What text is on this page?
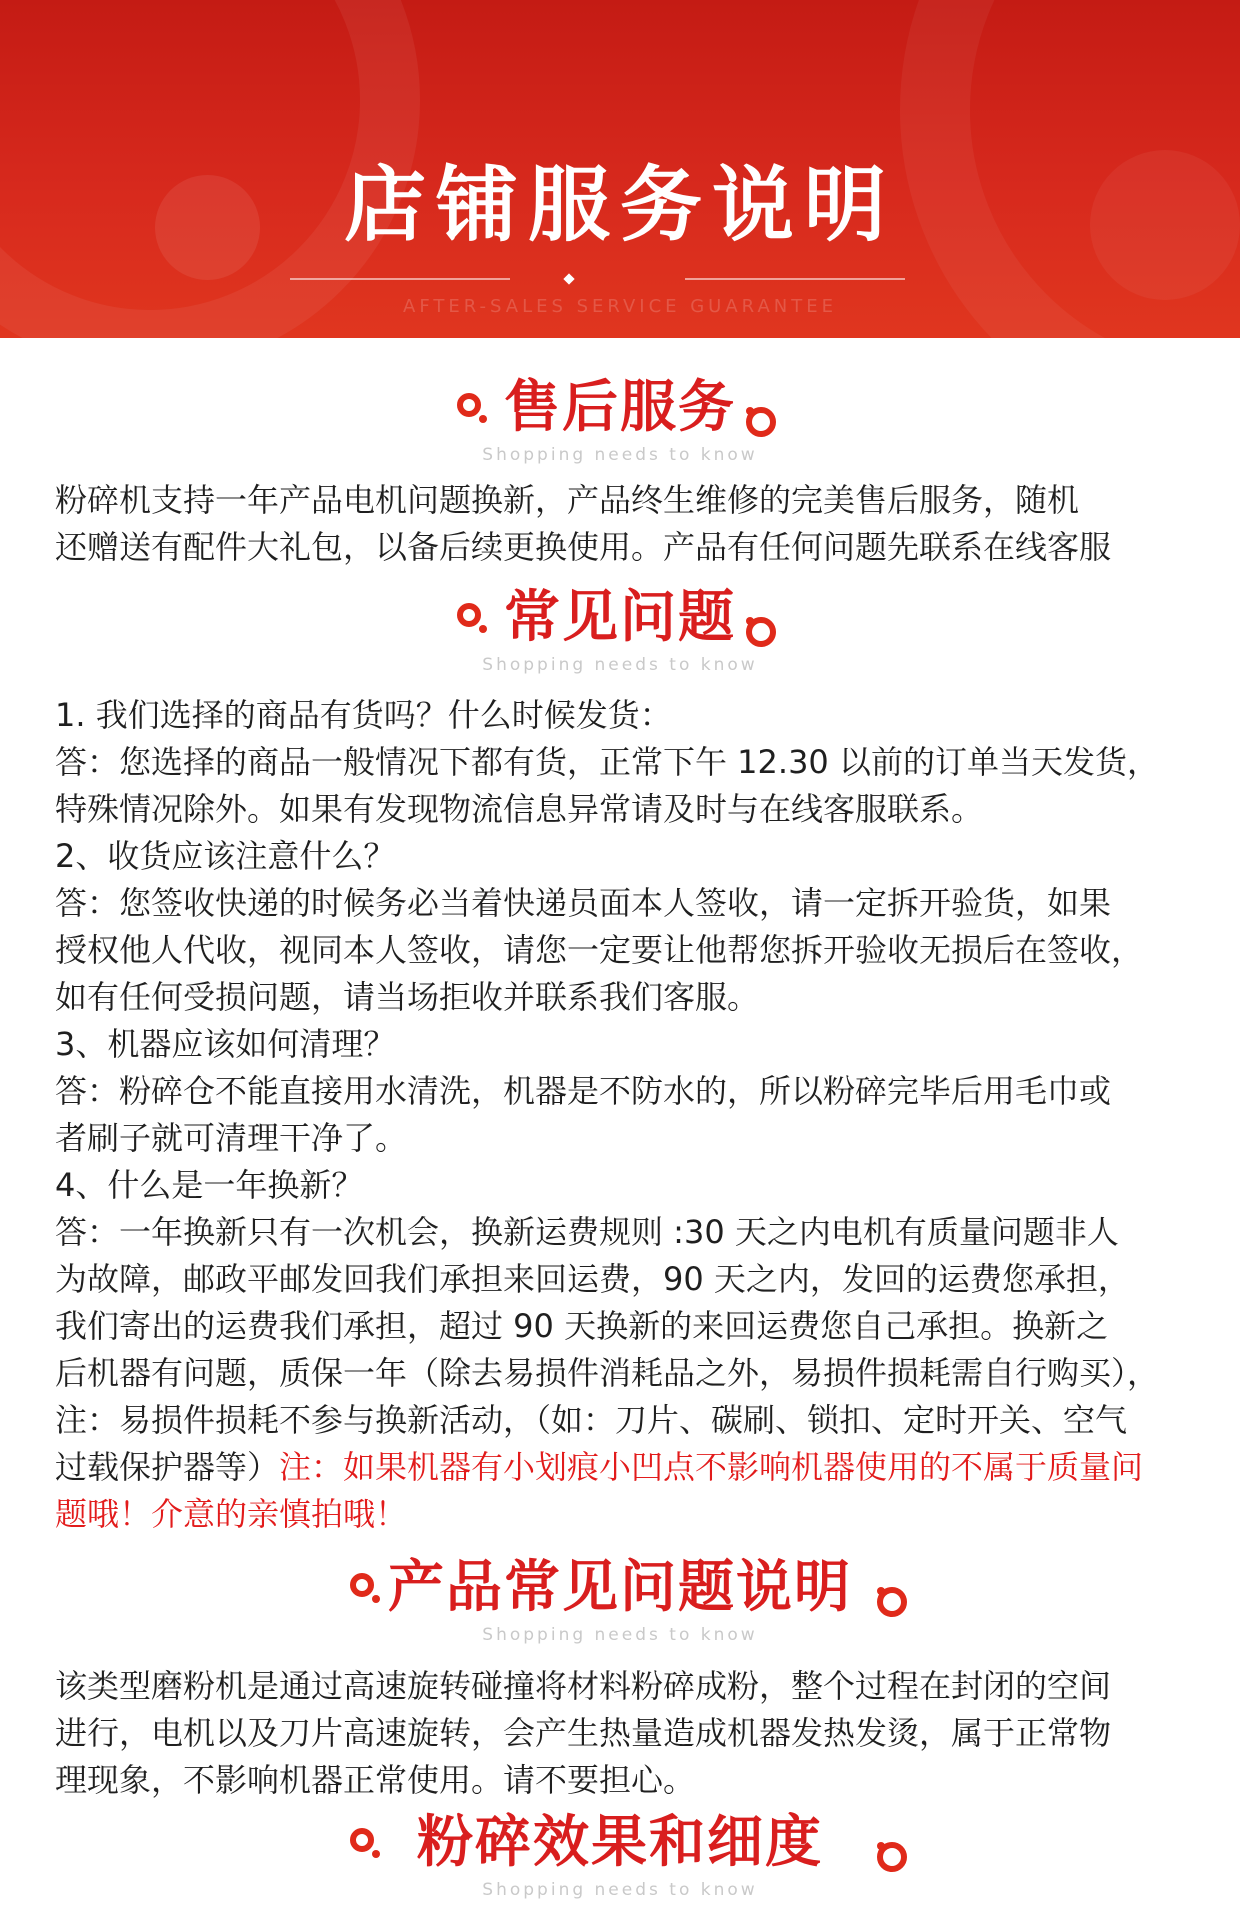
店铺服务说明
AFTER-SALES SERVICE GUARANTEE
售后服务
Shopping needs to know

粉碎机支持一年产品电机问题换新，产品终生维修的完美售后服务，随机

还赠送有配件大礼包，以备后续更换使用。产品有任何问题先联系在线客服

常见问题
Shopping needs to know

1. 我们选择的商品有货吗？什么时候发货：

答：您选择的商品一般情况下都有货，正常下午 12.30 以前的订单当天发货，

特殊情况除外。如果有发现物流信息异常请及时与在线客服联系。

2、收货应该注意什么？

答：您签收快递的时候务必当着快递员面本人签收，请一定拆开验货，如果

授权他人代收，视同本人签收，请您一定要让他帮您拆开验收无损后在签收，

如有任何受损问题，请当场拒收并联系我们客服。

3、机器应该如何清理？

答：粉碎仓不能直接用水清洗，机器是不防水的，所以粉碎完毕后用毛巾或

者刷子就可清理干净了。

4、什么是一年换新？

答：一年换新只有一次机会，换新运费规则 :30 天之内电机有质量问题非人

为故障，邮政平邮发回我们承担来回运费，90 天之内，发回的运费您承担，

我们寄出的运费我们承担，超过 90 天换新的来回运费您自己承担。换新之

后机器有问题，质保一年（除去易损件消耗品之外，易损件损耗需自行购买），

注：易损件损耗不参与换新活动，（如：刀片、碳刷、锁扣、定时开关、空气

过载保护器等）注：如果机器有小划痕小凹点不影响机器使用的不属于质量问

题哦！介意的亲慎拍哦！

产品常见问题说明
Shopping needs to know

该类型磨粉机是通过高速旋转碰撞将材料粉碎成粉，整个过程在封闭的空间

进行，电机以及刀片高速旋转，会产生热量造成机器发热发烫，属于正常物

理现象，不影响机器正常使用。请不要担心。

粉碎效果和细度
Shopping needs to know
